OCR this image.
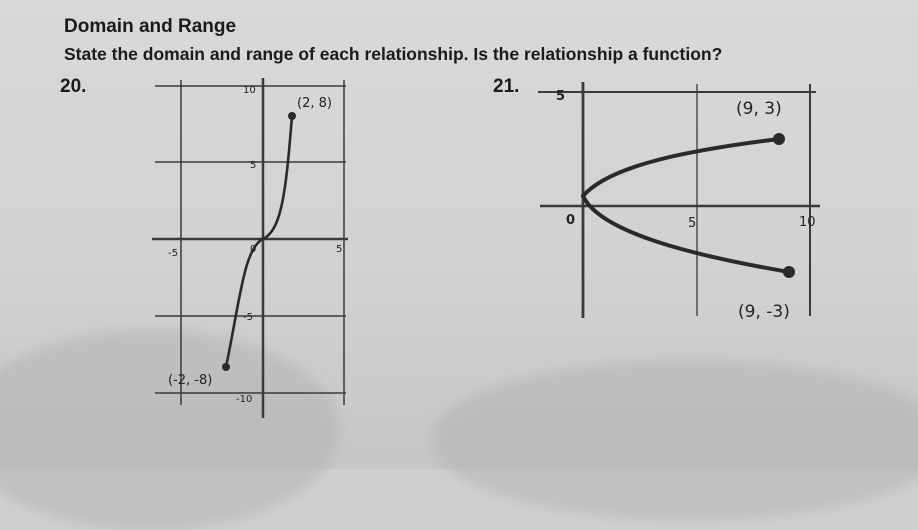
Domain and Range
State the domain and range of each relationship. Is the relationship a function?
20.	21.
10
5
-5	0	5
-5
-10
(2, 8)
(-2, -8)
5
0	5	10
(9, 3)
(9, -3)
